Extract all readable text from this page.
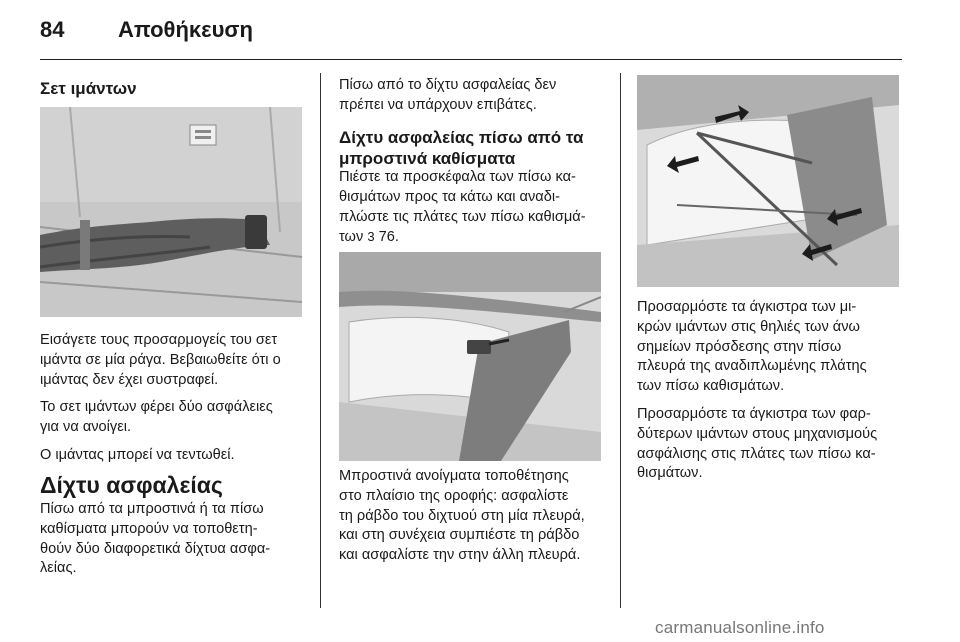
84 Αποθήκευση
Σετ ιμάντων

Εισάγετε τους προσαρμογείς του σετ
ιμάντα σε μία ράγα. Βεβαιωθείτε ότι ο
ιμάντας δεν έχει συστραφεί.

Το σετ ιμάντων φέρει δύο ασφάλειες
για να ανοίγει.

Ο ιμάντας μπορεί να τεντωθεί.

Δίχτυ ασφαλείας

Πίσω από τα μπροστινά ή τα πίσω
καθίσματα μπορούν να τοποθετη-
θούν δύο διαφορετικά δίχτυα ασφα-
λείας.

Πίσω από το δίχτυ ασφαλείας δεν
πρέπει να υπάρχουν επιβάτες.

Δίχτυ ασφαλείας πίσω από τα
μπροστινά καθίσματα

Πιέστε τα προσκέφαλα των πίσω κα-
θισμάτων προς τα κάτω και αναδι-
πλώστε τις πλάτες των πίσω καθισμά-
των 3 76.

Μπροστινά ανοίγματα τοποθέτησης
στο πλαίσιο της οροφής: ασφαλίστε
τη ράβδο του διχτυού στη μία πλευρά,
και στη συνέχεια συμπιέστε τη ράβδο
και ασφαλίστε την στην άλλη πλευρά.

Προσαρμόστε τα άγκιστρα των μι-
κρών ιμάντων στις θηλιές των άνω
σημείων πρόσδεσης στην πίσω
πλευρά της αναδιπλωμένης πλάτης
των πίσω καθισμάτων.

Προσαρμόστε τα άγκιστρα των φαρ-
δύτερων ιμάντων στους μηχανισμούς
ασφάλισης στις πλάτες των πίσω κα-
θισμάτων.

carmanualsonline.info
